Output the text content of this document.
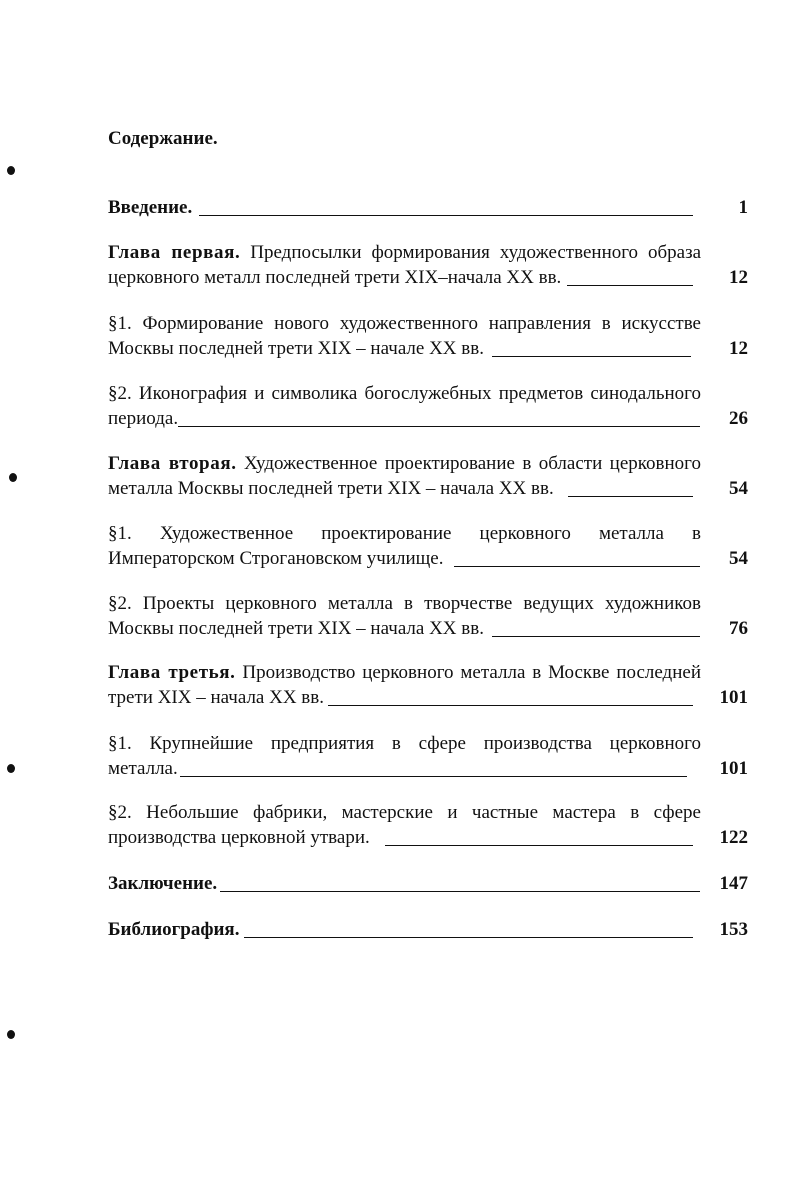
Содержание.
Введение.	1
Глава первая. Предпосылки формирования художественного образа
церковного металл последней трети XIX–начала XX вв.	12
§1. Формирование нового художественного направления в искусстве
Москвы последней трети XIX – начале XX вв.	12
§2. Иконография и символика богослужебных предметов синодального
периода.	26
Глава вторая. Художественное проектирование в области церковного
металла Москвы последней трети XIX – начала XX вв.	54
§1. Художественное проектирование церковного металла в
Императорском Строгановском училище.	54
§2. Проекты церковного металла в творчестве ведущих художников
Москвы последней трети XIX – начала XX вв.	76
Глава третья. Производство церковного металла в Москве последней
трети XIX – начала XX вв.	101
§1. Крупнейшие предприятия в сфере производства церковного
металла.	101
§2. Небольшие фабрики, мастерские и частные мастера в сфере
производства церковной утвари.	122
Заключение.	147
Библиография.	153
